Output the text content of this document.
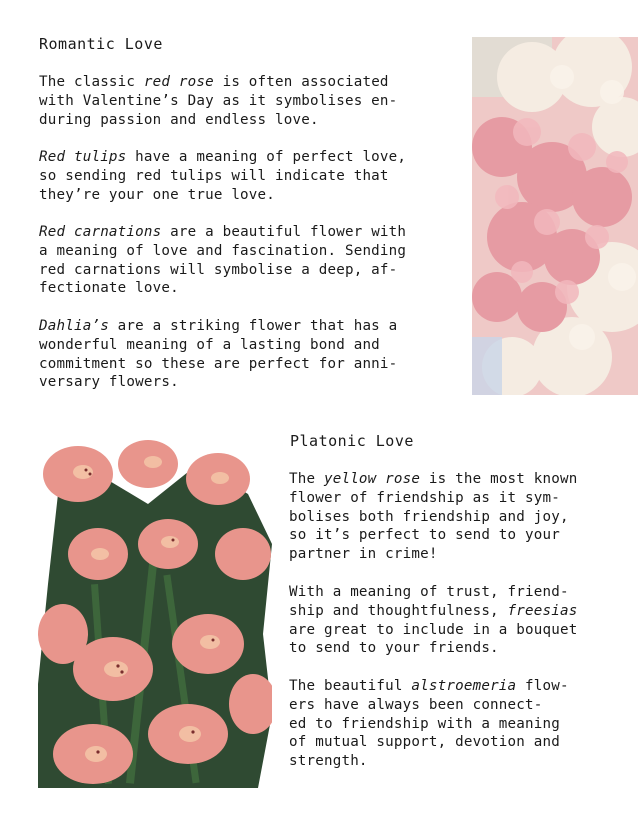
Romantic Love

The classic red rose is often associated
with Valentine’s Day as it symbolises en-
during passion and endless love.

Red tulips have a meaning of perfect love,
so sending red tulips will indicate that
they’re your one true love.

Red carnations are a beautiful flower with
a meaning of love and fascination. Sending
red carnations will symbolise a deep, af-
fectionate love.

Dahlia’s are a striking flower that has a
wonderful meaning of a lasting bond and
commitment so these are perfect for anni-
versary flowers.

Platonic Love

The yellow rose is the most known
flower of friendship as it sym-
bolises both friendship and joy,
so it’s perfect to send to your
partner in crime!

With a meaning of trust, friend-
ship and thoughtfulness, freesias
are great to include in a bouquet
to send to your friends.

The beautiful alstroemeria flow-
ers have always been connect-
ed to friendship with a meaning
of mutual support, devotion and
strength.
